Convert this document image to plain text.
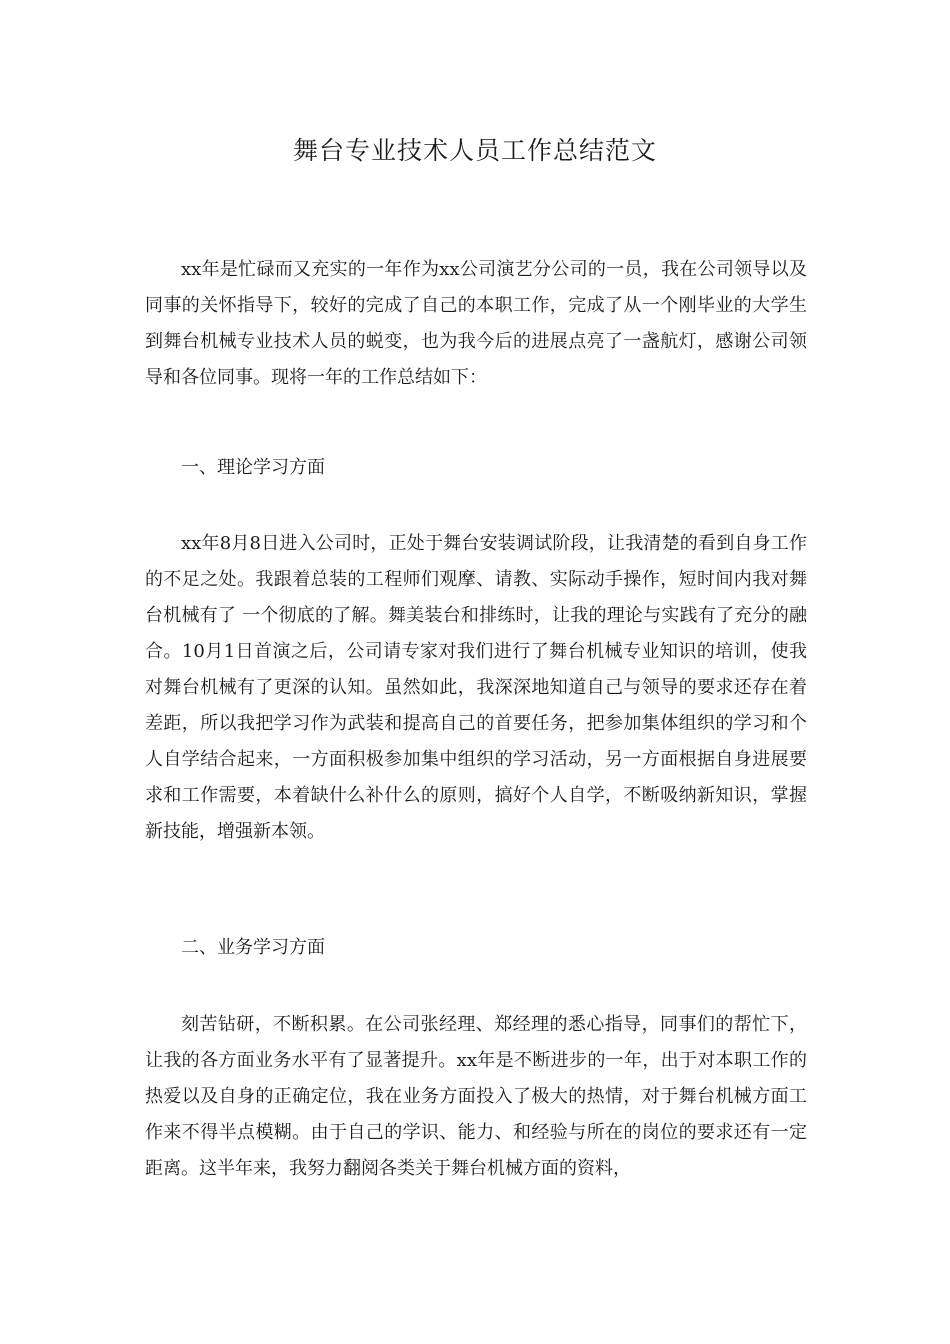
舞台专业技术人员工作总结范文
xx年是忙碌而又充实的一年作为xx公司演艺分公司的一员，我在公司领导以及同事的关怀指导下，较好的完成了自己的本职工作，完成了从一个刚毕业的大学生到舞台机械专业技术人员的蜕变，也为我今后的进展点亮了一盏航灯，感谢公司领导和各位同事。现将一年的工作总结如下：
一、理论学习方面
xx年8月8日进入公司时，正处于舞台安装调试阶段，让我清楚的看到自身工作的不足之处。我跟着总装的工程师们观摩、请教、实际动手操作，短时间内我对舞台机械有了 一个彻底的了解。舞美装台和排练时，让我的理论与实践有了充分的融合。10月1日首演之后，公司请专家对我们进行了舞台机械专业知识的培训，使我对舞台机械有了更深的认知。虽然如此，我深深地知道自己与领导的要求还存在着差距，所以我把学习作为武装和提高自己的首要任务，把参加集体组织的学习和个人自学结合起来，一方面积极参加集中组织的学习活动，另一方面根据自身进展要求和工作需要，本着缺什么补什么的原则，搞好个人自学，不断吸纳新知识，掌握新技能，增强新本领。
二、业务学习方面
刻苦钻研，不断积累。在公司张经理、郑经理的悉心指导，同事们的帮忙下，让我的各方面业务水平有了显著提升。xx年是不断进步的一年，出于对本职工作的热爱以及自身的正确定位，我在业务方面投入了极大的热情，对于舞台机械方面工作来不得半点模糊。由于自己的学识、能力、和经验与所在的岗位的要求还有一定距离。这半年来，我努力翻阅各类关于舞台机械方面的资料，
